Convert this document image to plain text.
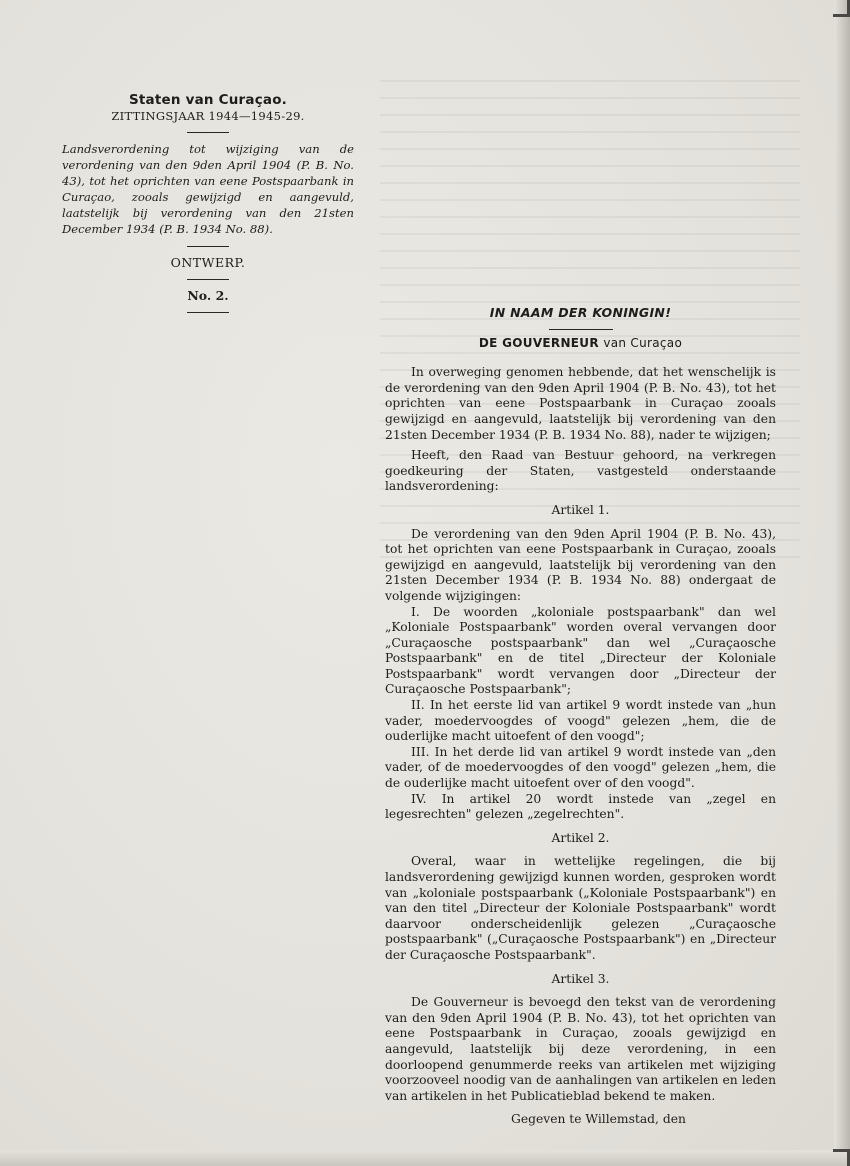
Staten van Curaçao.

ZITTINGSJAAR 1944—1945-29.

Landsverordening tot wijziging van de verordening van den 9den April 1904 (P. B. No. 43), tot het oprichten van eene Postspaarbank in Curaçao, zooals gewijzigd en aangevuld, laatstelijk bij verordening van den 21sten December 1934 (P. B. 1934 No. 88).

ONTWERP.

No. 2.

IN NAAM DER KONINGIN!

DE GOUVERNEUR van Curaçao

In overweging genomen hebbende, dat het wenschelijk is de verordening van den 9den April 1904 (P. B. No. 43), tot het oprichten van eene Postspaarbank in Curaçao zooals gewijzigd en aangevuld, laatstelijk bij verordening van den 21sten December 1934 (P. B. 1934 No. 88), nader te wijzigen;

Heeft, den Raad van Bestuur gehoord, na verkregen goedkeuring der Staten, vastgesteld onderstaande landsverordening:

Artikel 1.

De verordening van den 9den April 1904 (P. B. No. 43), tot het oprichten van eene Postspaarbank in Curaçao, zooals gewijzigd en aangevuld, laatstelijk bij verordening van den 21sten December 1934 (P. B. 1934 No. 88) ondergaat de volgende wijzigingen:

I. De woorden „koloniale postspaarbank" dan wel „Koloniale Postspaarbank" worden overal vervangen door „Curaçaosche postspaarbank" dan wel „Curaçaosche Postspaarbank" en de titel „Directeur der Koloniale Postspaarbank" wordt vervangen door „Directeur der Curaçaosche Postspaarbank";

II. In het eerste lid van artikel 9 wordt instede van „hun vader, moedervoogdes of voogd" gelezen „hem, die de ouderlijke macht uitoefent of den voogd";

III. In het derde lid van artikel 9 wordt instede van „den vader, of de moedervoogdes of den voogd" gelezen „hem, die de ouderlijke macht uitoefent over of den voogd".

IV. In artikel 20 wordt instede van „zegel en legesrechten" gelezen „zegelrechten".

Artikel 2.

Overal, waar in wettelijke regelingen, die bij landsverordening gewijzigd kunnen worden, gesproken wordt van „koloniale postspaarbank („Koloniale Postspaarbank") en van den titel „Directeur der Koloniale Postspaarbank" wordt daarvoor onderscheidenlijk gelezen „Curaçaosche postspaarbank" („Curaçaosche Postspaarbank") en „Directeur der Curaçaosche Postspaarbank".

Artikel 3.

De Gouverneur is bevoegd den tekst van de verordening van den 9den April 1904 (P. B. No. 43), tot het oprichten van eene Postspaarbank in Curaçao, zooals gewijzigd en aangevuld, laatstelijk bij deze verordening, in een doorloopend genummerde reeks van artikelen met wijziging voorzooveel noodig van de aanhalingen van artikelen en leden van artikelen in het Publicatieblad bekend te maken.

Gegeven te Willemstad, den
